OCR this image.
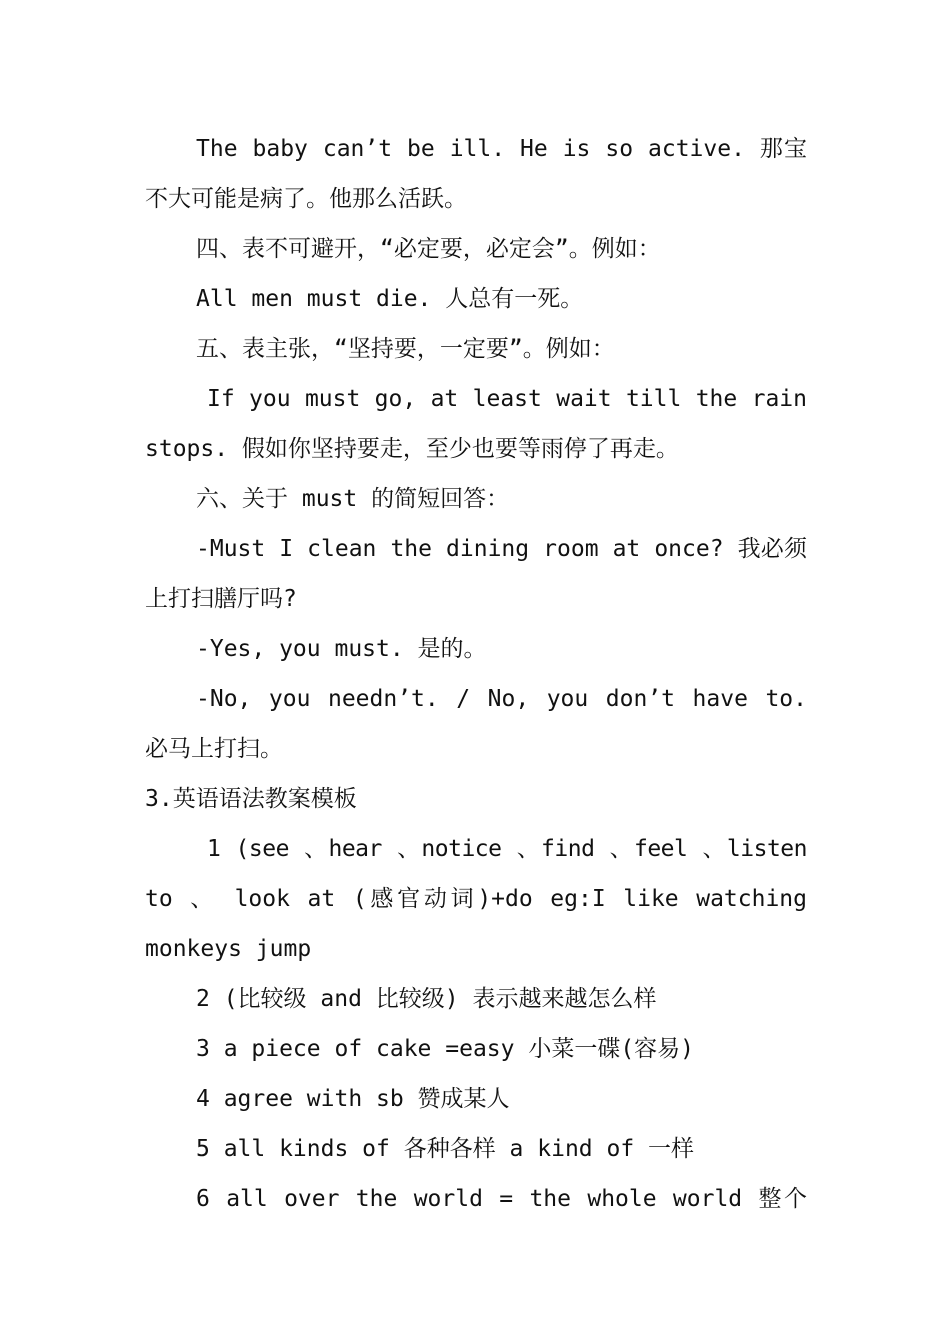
The baby can’t be ill. He is so active. 那宝
不大可能是病了。他那么活跃。
四、表不可避开，“必定要，必定会”。例如：
All men must die. 人总有一死。
五、表主张，“坚持要，一定要”。例如：
If you must go, at least wait till the rain
stops. 假如你坚持要走，至少也要等雨停了再走。
六、关于 must 的简短回答：
-Must I clean the dining room at once? 我必须
上打扫膳厅吗?
-Yes, you must. 是的。
-No, you needn’t. / No, you don’t have to.
必马上打扫。
3.英语语法教案模板
1 (see 、hear 、notice 、find 、feel 、listen
to 、 look at (感官动词)+do eg:I like watching
monkeys jump
2 (比较级 and 比较级) 表示越来越怎么样
3 a piece of cake =easy 小菜一碟(容易)
4 agree with sb 赞成某人
5 all kinds of 各种各样 a kind of 一样
6 all over the world = the whole world 整个
